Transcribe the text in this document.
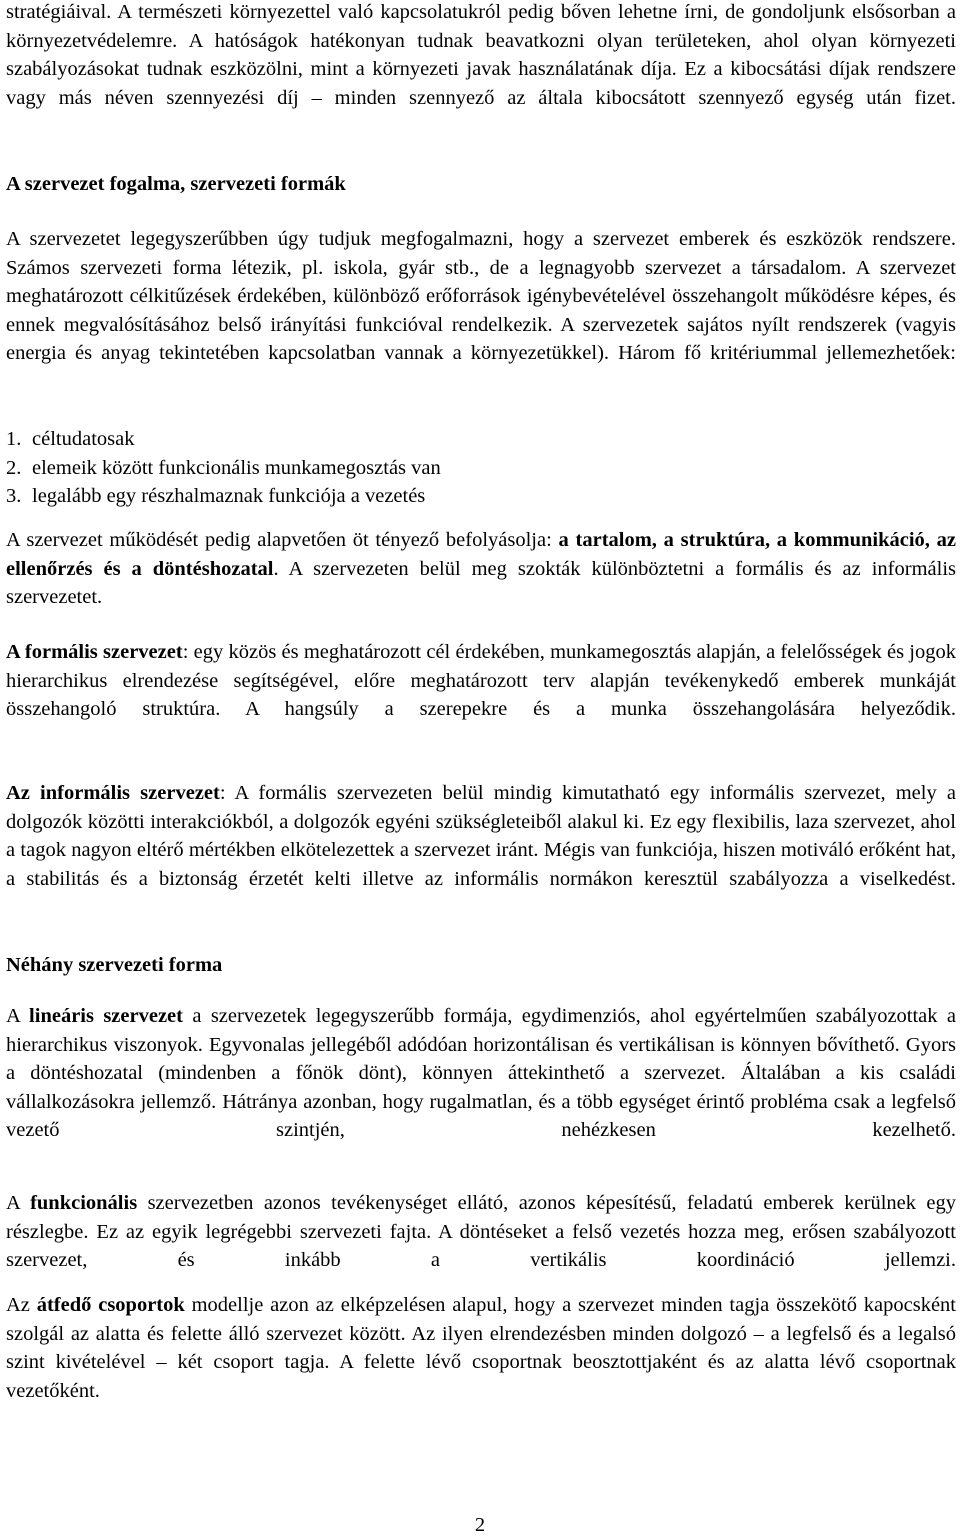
stratégiáival. A természeti környezettel való kapcsolatukról pedig bőven lehetne írni, de gondoljunk elsősorban a környezetvédelemre. A hatóságok hatékonyan tudnak beavatkozni olyan területeken, ahol olyan környezeti szabályozásokat tudnak eszközölni, mint a környezeti javak használatának díja. Ez a kibocsátási díjak rendszere vagy más néven szennyezési díj – minden szennyező az általa kibocsátott szennyező egység után fizet.

A szervezet fogalma, szervezeti formák

A szervezetet legegyszerűbben úgy tudjuk megfogalmazni, hogy a szervezet emberek és eszközök rendszere. Számos szervezeti forma létezik, pl. iskola, gyár stb., de a legnagyobb szervezet a társadalom. A szervezet meghatározott célkitűzések érdekében, különböző erőforrások igénybevételével összehangolt működésre képes, és ennek megvalósításához belső irányítási funkcióval rendelkezik. A szervezetek sajátos nyílt rendszerek (vagyis energia és anyag tekintetében kapcsolatban vannak a környezetükkel). Három fő kritériummal jellemezhetőek:

1. céltudatosak

2. elemeik között funkcionális munkamegosztás van

3. legalább egy részhalmaznak funkciója a vezetés

A szervezet működését pedig alapvetően öt tényező befolyásolja: a tartalom, a struktúra, a kommunikáció, az ellenőrzés és a döntéshozatal. A szervezeten belül meg szokták különböztetni a formális és az informális szervezetet.

A formális szervezet: egy közös és meghatározott cél érdekében, munkamegosztás alapján, a felelősségek és jogok hierarchikus elrendezése segítségével, előre meghatározott terv alapján tevékenykedő emberek munkáját összehangoló struktúra. A hangsúly a szerepekre és a munka összehangolására helyeződik.

Az informális szervezet: A formális szervezeten belül mindig kimutatható egy informális szervezet, mely a dolgozók közötti interakciókból, a dolgozók egyéni szükségleteiből alakul ki. Ez egy flexibilis, laza szervezet, ahol a tagok nagyon eltérő mértékben elkötelezettek a szervezet iránt. Mégis van funkciója, hiszen motiváló erőként hat, a stabilitás és a biztonság érzetét kelti illetve az informális normákon keresztül szabályozza a viselkedést.

Néhány szervezeti forma

A lineáris szervezet a szervezetek legegyszerűbb formája, egydimenziós, ahol egyértelműen szabályozottak a hierarchikus viszonyok. Egyvonalas jellegéből adódóan horizontálisan és vertikálisan is könnyen bővíthető. Gyors a döntéshozatal (mindenben a főnök dönt), könnyen áttekinthető a szervezet. Általában a kis családi vállalkozásokra jellemző. Hátránya azonban, hogy rugalmatlan, és a több egységet érintő probléma csak a legfelső vezető szintjén, nehézkesen kezelhető.

A funkcionális szervezetben azonos tevékenységet ellátó, azonos képesítésű, feladatú emberek kerülnek egy részlegbe. Ez az egyik legrégebbi szervezeti fajta. A döntéseket a felső vezetés hozza meg, erősen szabályozott szervezet, és inkább a vertikális koordináció jellemzi.

Az átfedő csoportok modellje azon az elképzelésen alapul, hogy a szervezet minden tagja összekötő kapocsként szolgál az alatta és felette álló szervezet között. Az ilyen elrendezésben minden dolgozó – a legfelső és a legalsó szint kivételével – két csoport tagja. A felette lévő csoportnak beosztottjaként és az alatta lévő csoportnak vezetőként.

2
